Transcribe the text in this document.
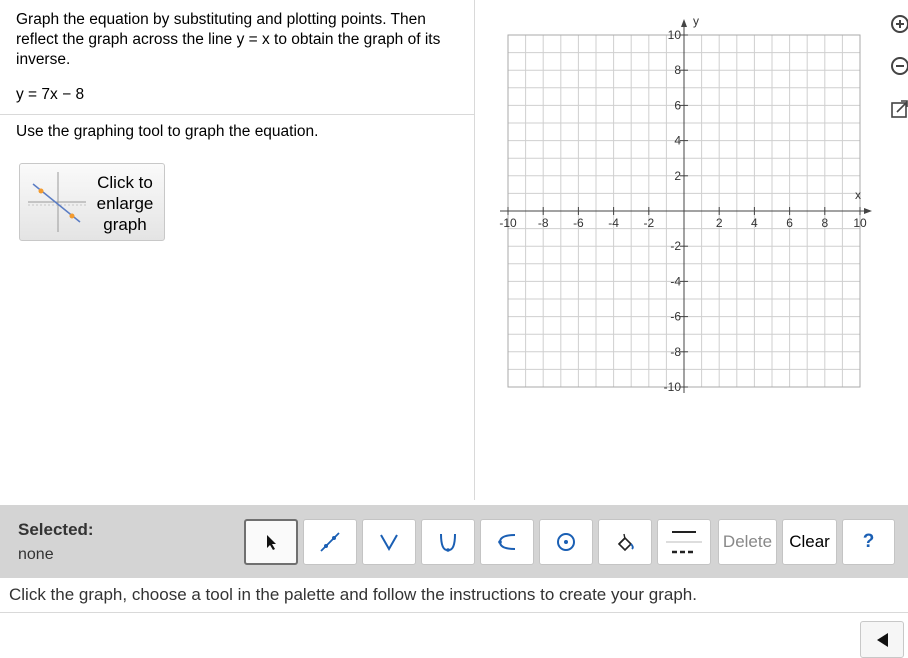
Graph the equation by substituting and plotting points. Then reflect the graph across the line y = x to obtain the graph of its inverse.
y = 7x − 8
Use the graphing tool to graph the equation.
Click to
enlarge
graph	-10 -8 -6 -4 -2	2 4 6 8 10
10
8
6
4
2
-2
-4
-6
-8
-10
x
y
Selected:
none
Delete	Clear	?
Click the graph, choose a tool in the palette and follow the instructions to create your graph.
